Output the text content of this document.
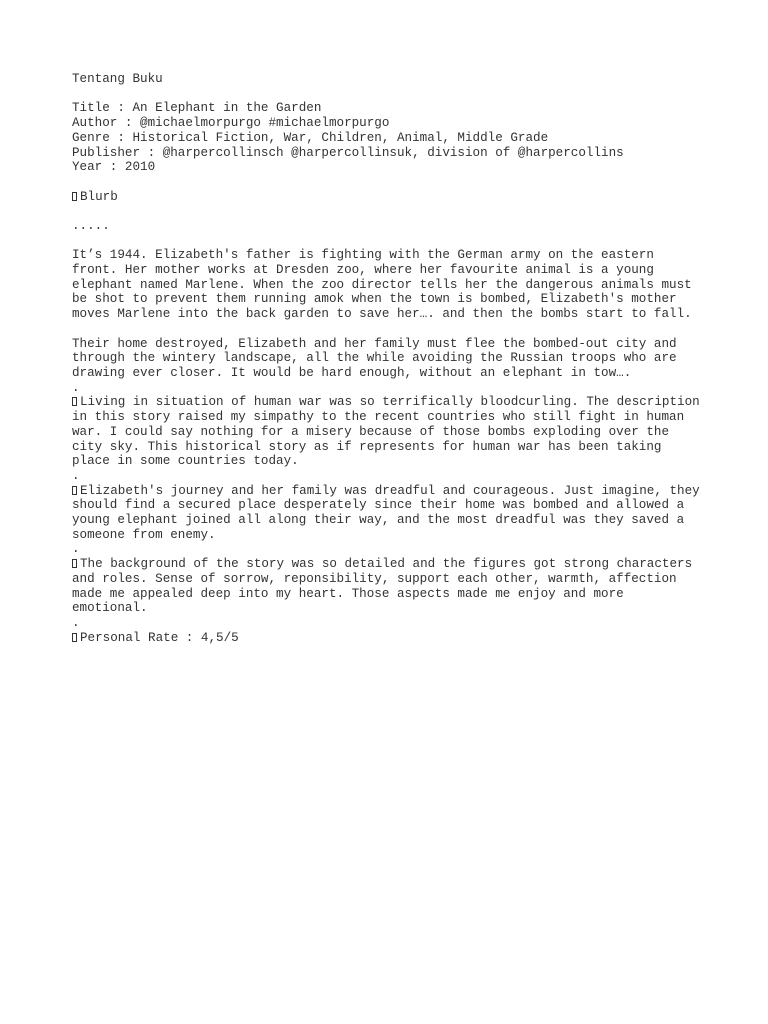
Tentang Buku
Title : An Elephant in the Garden
Author : @michaelmorpurgo #michaelmorpurgo
Genre : Historical Fiction, War, Children, Animal, Middle Grade
Publisher : @harpercollinsch @harpercollinsuk, division of @harpercollins
Year : 2010
Blurb
.....
It’s 1944. Elizabeth's father is fighting with the German army on the eastern
front. Her mother works at Dresden zoo, where her favourite animal is a young
elephant named Marlene. When the zoo director tells her the dangerous animals must
be shot to prevent them running amok when the town is bombed, Elizabeth's mother
moves Marlene into the back garden to save her…. and then the bombs start to fall.
Their home destroyed, Elizabeth and her family must flee the bombed-out city and
through the wintery landscape, all the while avoiding the Russian troops who are
drawing ever closer. It would be hard enough, without an elephant in tow….
.
Living in situation of human war was so terrifically bloodcurling. The description
in this story raised my simpathy to the recent countries who still fight in human
war. I could say nothing for a misery because of those bombs exploding over the
city sky. This historical story as if represents for human war has been taking
place in some countries today.
.
Elizabeth's journey and her family was dreadful and courageous. Just imagine, they
should find a secured place desperately since their home was bombed and allowed a
young elephant joined all along their way, and the most dreadful was they saved a
someone from enemy.
.
The background of the story was so detailed and the figures got strong characters
and roles. Sense of sorrow, reponsibility, support each other, warmth, affection
made me appealed deep into my heart. Those aspects made me enjoy and more
emotional.
.
Personal Rate : 4,5/5
